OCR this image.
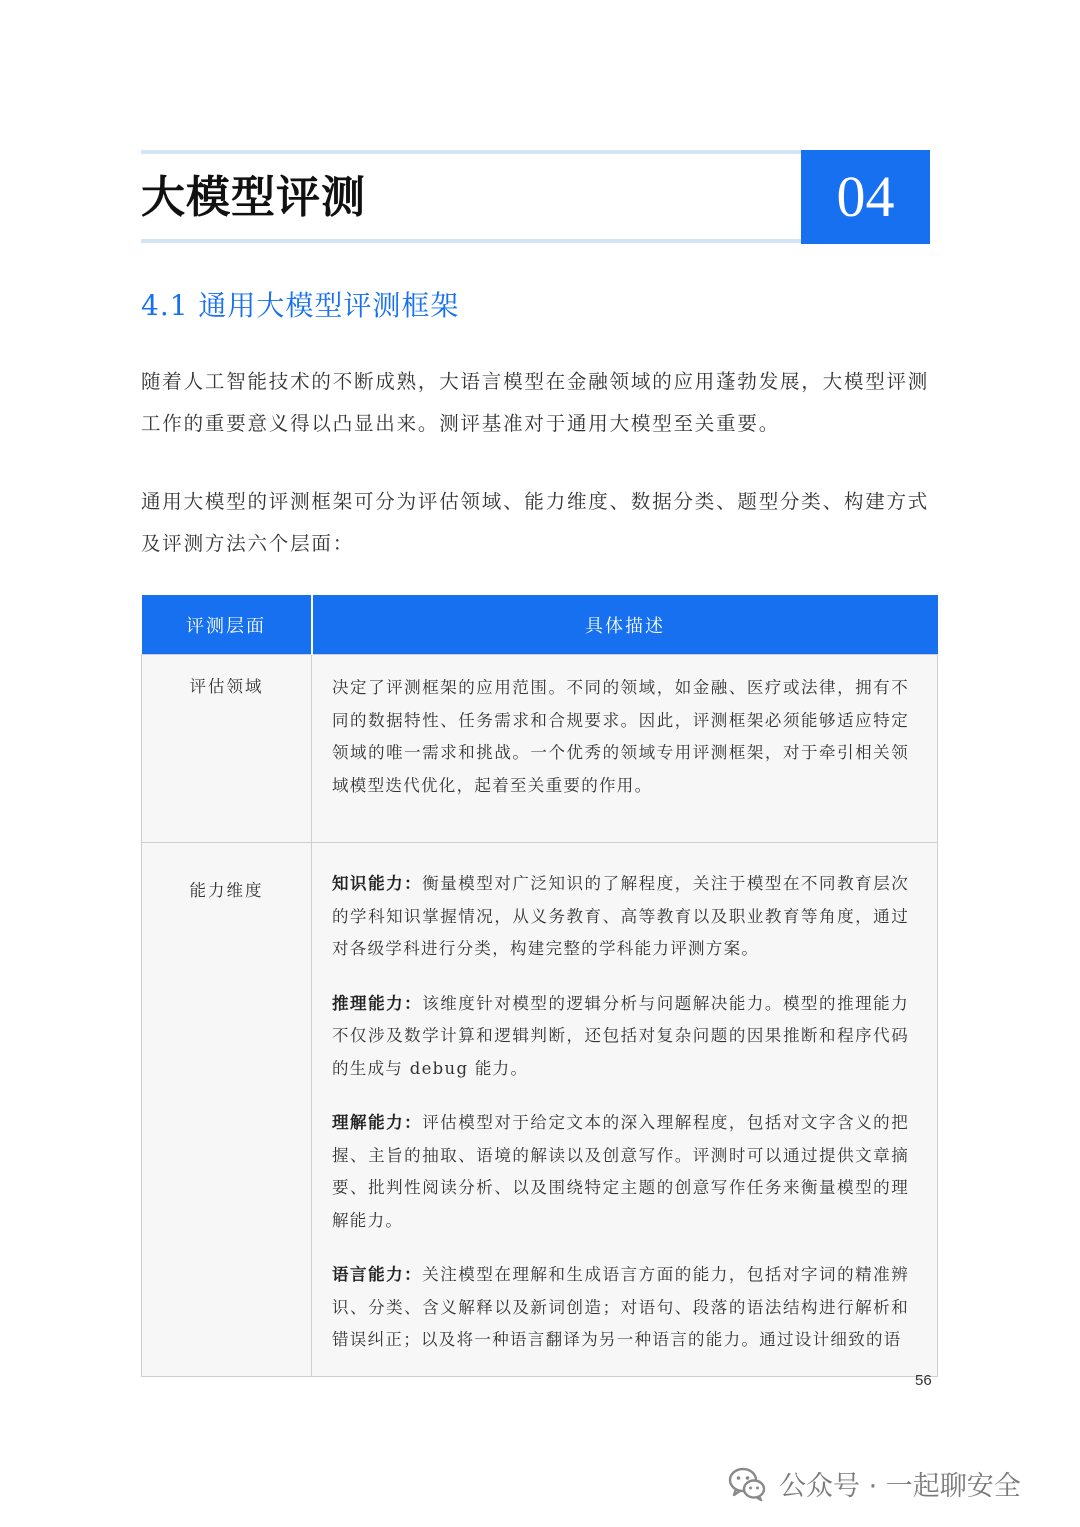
大模型评测	04
4.1 通用大模型评测框架

随着人工智能技术的不断成熟，大语言模型在金融领域的应用蓬勃发展，大模型评测工作的重要意义得以凸显出来。测评基准对于通用大模型至关重要。

通用大模型的评测框架可分为评估领域、能力维度、数据分类、题型分类、构建方式及评测方法六个层面：

评测层面	具体描述
评估领域	决定了评测框架的应用范围。不同的领域，如金融、医疗或法律，拥有不同的数据特性、任务需求和合规要求。因此，评测框架必须能够适应特定领域的唯一需求和挑战。一个优秀的领域专用评测框架，对于牵引相关领域模型迭代优化，起着至关重要的作用。
能力维度	知识能力：衡量模型对广泛知识的了解程度，关注于模型在不同教育层次的学科知识掌握情况，从义务教育、高等教育以及职业教育等角度，通过对各级学科进行分类，构建完整的学科能力评测方案。
推理能力：该维度针对模型的逻辑分析与问题解决能力。模型的推理能力不仅涉及数学计算和逻辑判断，还包括对复杂问题的因果推断和程序代码的生成与 debug 能力。
理解能力：评估模型对于给定文本的深入理解程度，包括对文字含义的把握、主旨的抽取、语境的解读以及创意写作。评测时可以通过提供文章摘要、批判性阅读分析、以及围绕特定主题的创意写作任务来衡量模型的理解能力。
语言能力：关注模型在理解和生成语言方面的能力，包括对字词的精准辨识、分类、含义解释以及新词创造；对语句、段落的语法结构进行解析和错误纠正；以及将一种语言翻译为另一种语言的能力。通过设计细致的语
56
公众号 · 一起聊安全
